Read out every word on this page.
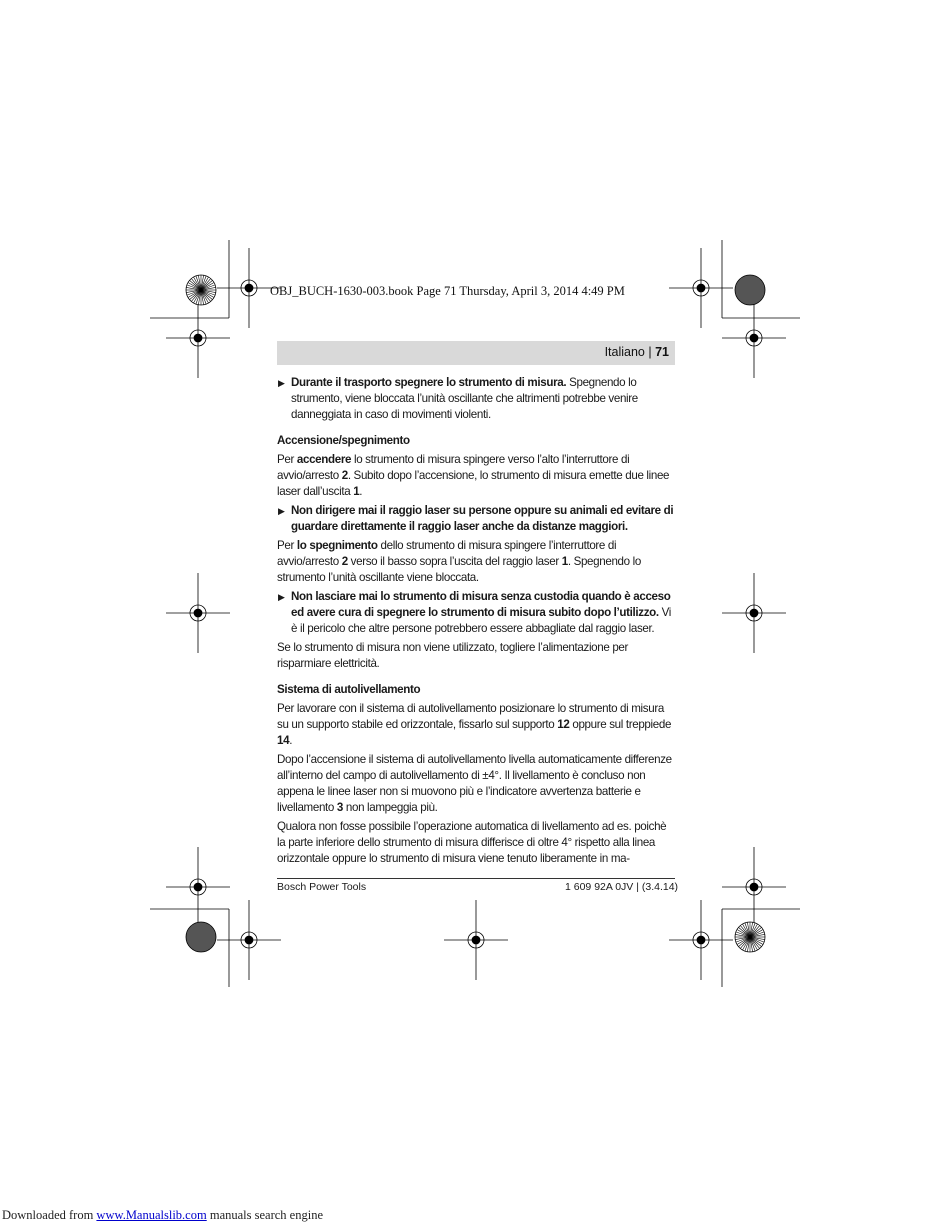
OBJ_BUCH-1630-003.book Page 71 Thursday, April 3, 2014 4:49 PM
Italiano | 71
▶ Durante il trasporto spegnere lo strumento di misura. Spegnendo lo strumento, viene bloccata l’unità oscillante che altrimenti potrebbe venire danneggiata in caso di movimenti violenti.
Accensione/spegnimento

Per accendere lo strumento di misura spingere verso l’alto l’interruttore di avvio/arresto 2. Subito dopo l’accensione, lo strumento di misura emette due linee laser dall’uscita 1.

▶ Non dirigere mai il raggio laser su persone oppure su animali ed evitare di guardare direttamente il raggio laser anche da distanze maggiori.

Per lo spegnimento dello strumento di misura spingere l’interruttore di avvio/arresto 2 verso il basso sopra l’uscita del raggio laser 1. Spegnendo lo strumento l’unità oscillante viene bloccata.

▶ Non lasciare mai lo strumento di misura senza custodia quando è acceso ed avere cura di spegnere lo strumento di misura subito dopo l’utilizzo. Vi è il pericolo che altre persone potrebbero essere abbagliate dal raggio laser.

Se lo strumento di misura non viene utilizzato, togliere l’alimentazione per risparmiare elettricità.

Sistema di autolivellamento

Per lavorare con il sistema di autolivellamento posizionare lo strumento di misura su un supporto stabile ed orizzontale, fissarlo sul supporto 12 oppure sul treppiede 14.

Dopo l’accensione il sistema di autolivellamento livella automaticamente differenze all’interno del campo di autolivellamento di ±4°. Il livellamento è concluso non appena le linee laser non si muovono più e l’indicatore avvertenza batterie e livellamento 3 non lampeggia più.

Qualora non fosse possibile l’operazione automatica di livellamento ad es. poichè la parte inferiore dello strumento di misura differisce di oltre 4° rispetto alla linea orizzontale oppure lo strumento di misura viene tenuto liberamente in ma-

Bosch Power Tools	1 609 92A 0JV | (3.4.14)
Downloaded from www.Manualslib.com manuals search engine
